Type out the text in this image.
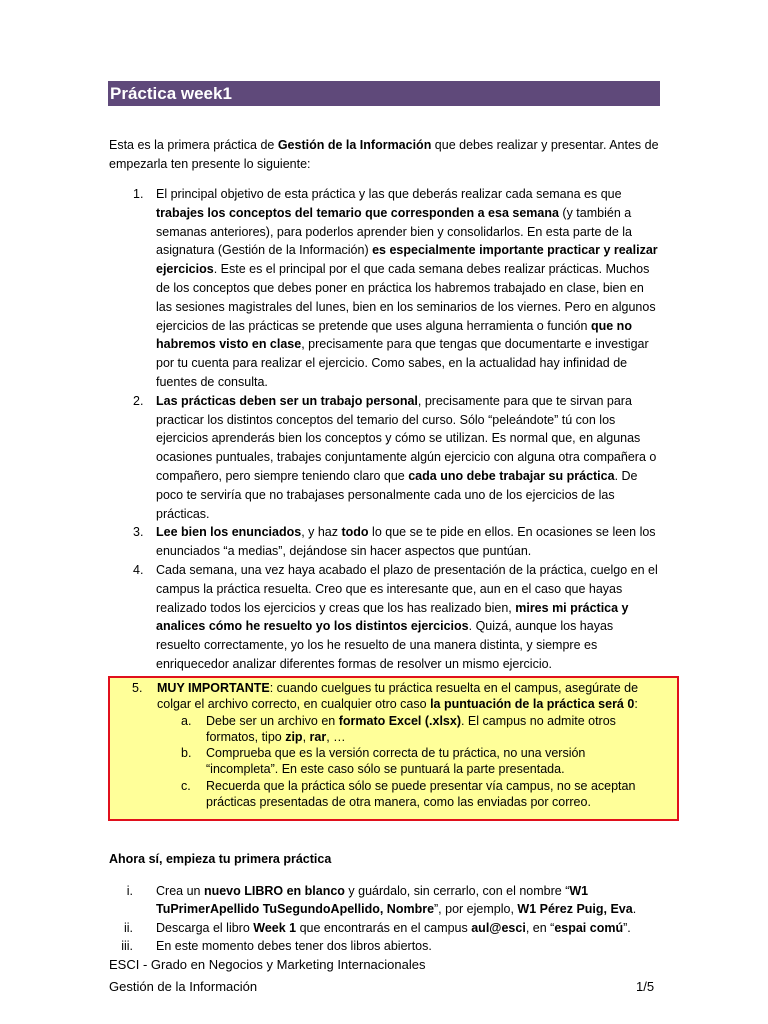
Práctica week1
Esta es la primera práctica de Gestión de la Información que debes realizar y presentar. Antes de empezarla ten presente lo siguiente:
1. El principal objetivo de esta práctica y las que deberás realizar cada semana es que trabajes los conceptos del temario que corresponden a esa semana (y también a semanas anteriores), para poderlos aprender bien y consolidarlos. En esta parte de la asignatura (Gestión de la Información) es especialmente importante practicar y realizar ejercicios. Este es el principal por el que cada semana debes realizar prácticas. Muchos de los conceptos que debes poner en práctica los habremos trabajado en clase, bien en las sesiones magistrales del lunes, bien en los seminarios de los viernes. Pero en algunos ejercicios de las prácticas se pretende que uses alguna herramienta o función que no habremos visto en clase, precisamente para que tengas que documentarte e investigar por tu cuenta para realizar el ejercicio. Como sabes, en la actualidad hay infinidad de fuentes de consulta.
2. Las prácticas deben ser un trabajo personal, precisamente para que te sirvan para practicar los distintos conceptos del temario del curso. Sólo “peleándote” tú con los ejercicios aprenderás bien los conceptos y cómo se utilizan. Es normal que, en algunas ocasiones puntuales, trabajes conjuntamente algún ejercicio con alguna otra compañera o compañero, pero siempre teniendo claro que cada uno debe trabajar su práctica. De poco te serviría que no trabajases personalmente cada uno de los ejercicios de las prácticas.
3. Lee bien los enunciados, y haz todo lo que se te pide en ellos. En ocasiones se leen los enunciados “a medias”, dejándose sin hacer aspectos que puntúan.
4. Cada semana, una vez haya acabado el plazo de presentación de la práctica, cuelgo en el campus la práctica resuelta. Creo que es interesante que, aun en el caso que hayas realizado todos los ejercicios y creas que los has realizado bien, mires mi práctica y analices cómo he resuelto yo los distintos ejercicios. Quizá, aunque los hayas resuelto correctamente, yo los he resuelto de una manera distinta, y siempre es enriquecedor analizar diferentes formas de resolver un mismo ejercicio.
5. MUY IMPORTANTE: cuando cuelgues tu práctica resuelta en el campus, asegúrate de colgar el archivo correcto, en cualquier otro caso la puntuación de la práctica será 0:
a. Debe ser un archivo en formato Excel (.xlsx). El campus no admite otros formatos, tipo zip, rar, …
b. Comprueba que es la versión correcta de tu práctica, no una versión “incompleta”. En este caso sólo se puntuará la parte presentada.
c. Recuerda que la práctica sólo se puede presentar vía campus, no se aceptan prácticas presentadas de otra manera, como las enviadas por correo.
Ahora sí, empieza tu primera práctica
i. Crea un nuevo LIBRO en blanco y guárdalo, sin cerrarlo, con el nombre “W1 TuPrimerApellido TuSegundoApellido, Nombre”, por ejemplo, W1 Pérez Puig, Eva.
ii. Descarga el libro Week 1 que encontrarás en el campus aul@esci, en “espai comú”.
iii. En este momento debes tener dos libros abiertos.
ESCI - Grado en Negocios y Marketing Internacionales
Gestión de la Información	1/5
